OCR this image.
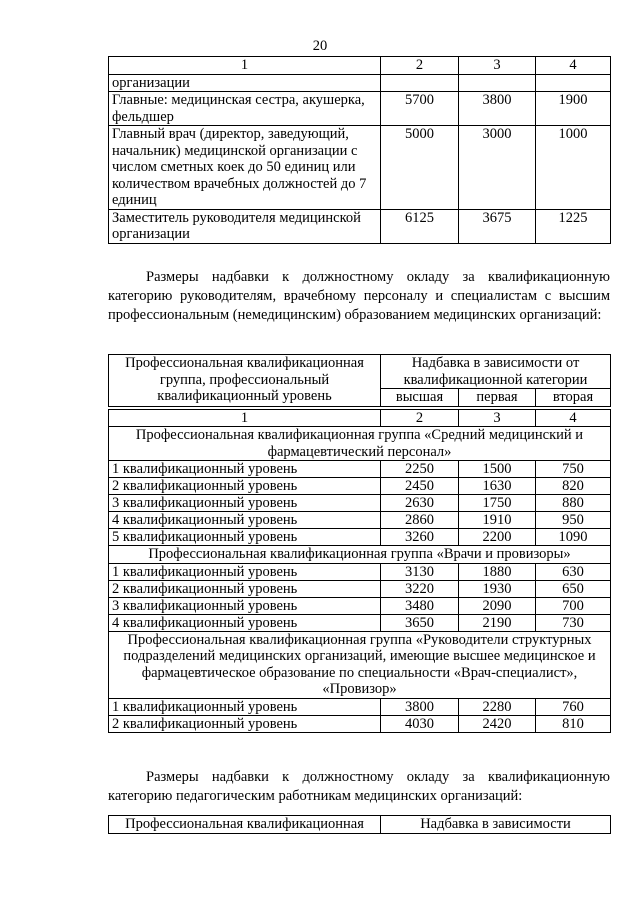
20
1	2	3	4
организации			
Главные: медицинская сестра, акушерка, фельдшер	5700	3800	1900
Главный врач (директор, заведующий, начальник) медицинской организации с числом сметных коек до 50 единиц или количеством врачебных должностей до 7 единиц	5000	3000	1000
Заместитель руководителя медицинской организации	6125	3675	1225
Размеры надбавки к должностному окладу за квалификационную категорию руководителям, врачебному персоналу и специалистам с высшим профессиональным (немедицинским) образованием медицинских организаций:
Профессиональная квалификационная группа, профессиональный квалификационный уровень	Надбавка в зависимости от квалификационной категории		
	высшая	первая	вторая

1	2	3	4
Профессиональная квалификационная группа «Средний медицинский и фармацевтический персонал»			
1 квалификационный уровень	2250	1500	750
2 квалификационный уровень	2450	1630	820
3 квалификационный уровень	2630	1750	880
4 квалификационный уровень	2860	1910	950
5 квалификационный уровень	3260	2200	1090
Профессиональная квалификационная группа «Врачи и провизоры»			
1 квалификационный уровень	3130	1880	630
2 квалификационный уровень	3220	1930	650
3 квалификационный уровень	3480	2090	700
4 квалификационный уровень	3650	2190	730
Профессиональная квалификационная группа «Руководители структурных подразделений медицинских организаций, имеющие высшее медицинское и фармацевтическое образование по специальности «Врач-специалист», «Провизор»			
1 квалификационный уровень	3800	2280	760
2 квалификационный уровень	4030	2420	810
Размеры надбавки к должностному окладу за квалификационную категорию педагогическим работникам медицинских организаций:
Профессиональная квалификационная	Надбавка в зависимости
